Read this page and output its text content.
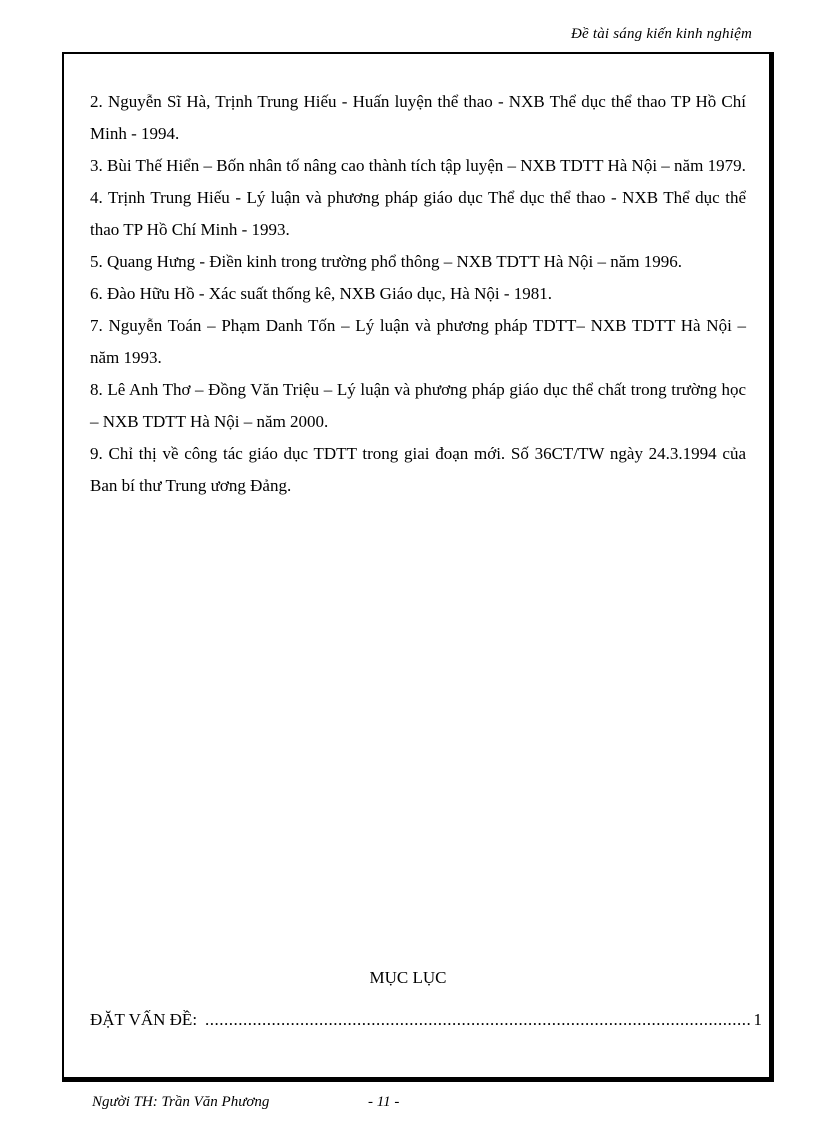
Đề tài sáng kiến kinh nghiệm

2. Nguyễn Sĩ Hà, Trịnh Trung Hiếu - Huấn luyện thể thao - NXB Thể dục thể thao TP Hồ Chí Minh - 1994.

3. Bùi Thế Hiển – Bốn nhân tố nâng cao thành tích tập luyện – NXB TDTT Hà Nội – năm 1979.

4. Trịnh Trung Hiếu - Lý luận và phương pháp giáo dục Thể dục thể thao - NXB Thể dục thể thao TP Hồ Chí Minh - 1993.

5. Quang Hưng - Điền kinh trong trường phổ thông – NXB TDTT Hà Nội – năm 1996.

6. Đào Hữu Hồ - Xác suất thống kê, NXB Giáo dục, Hà Nội - 1981.

7. Nguyễn Toán – Phạm Danh Tốn – Lý luận và phương pháp TDTT– NXB TDTT Hà Nội – năm 1993.

8. Lê Anh Thơ – Đồng Văn Triệu – Lý luận và phương pháp giáo dục thể chất trong trường học – NXB TDTT Hà Nội – năm 2000.

9. Chỉ thị về công tác giáo dục TDTT trong giai đoạn mới. Số 36CT/TW ngày 24.3.1994 của Ban bí thư Trung ương Đảng.

MỤC LỤC
ĐẶT VẤN ĐỀ:
.....	1
Người TH: Trần Văn Phương	- 11 -
